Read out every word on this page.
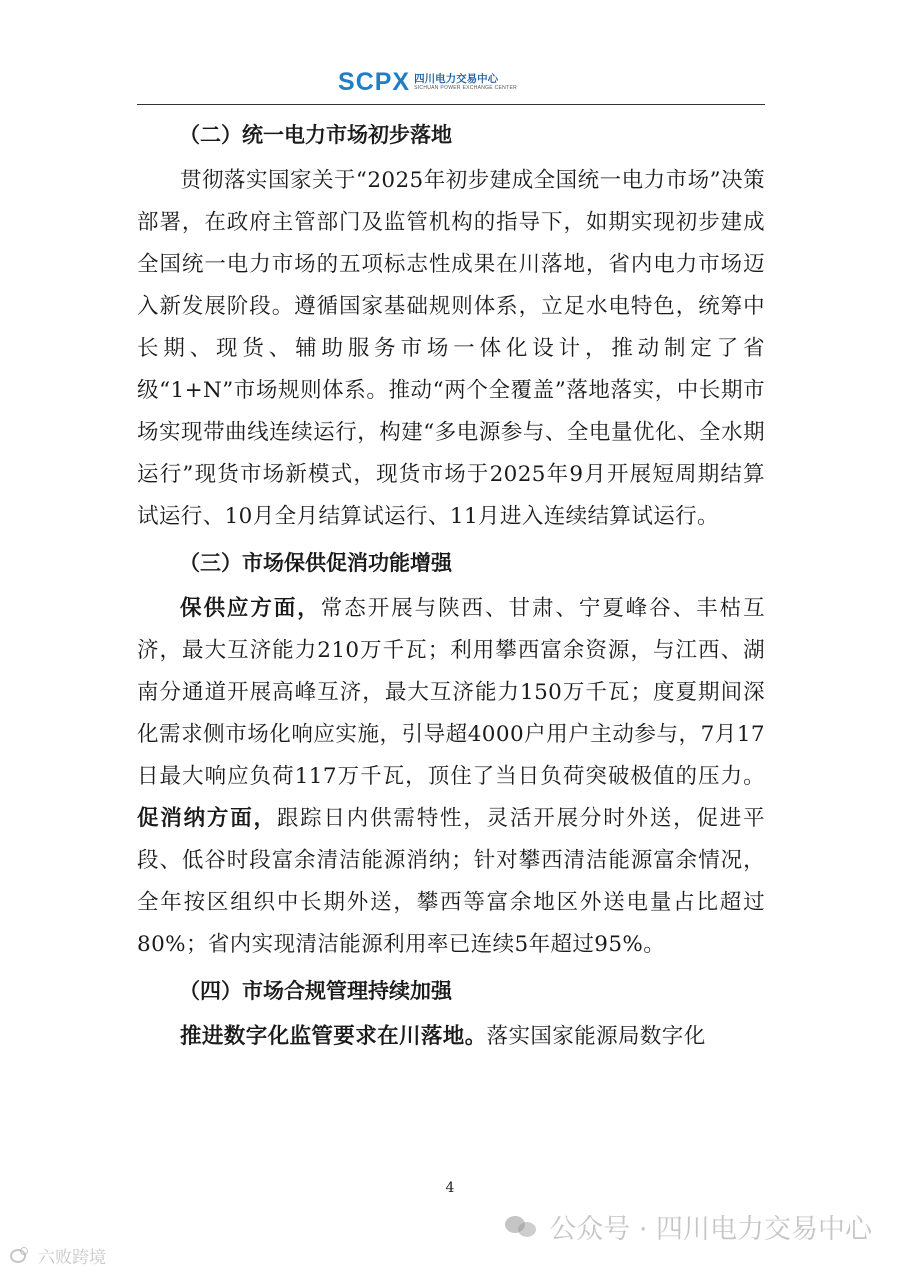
SCPX 四川电力交易中心
SICHUAN POWER EXCHANGE CENTER
（二）统一电力市场初步落地

贯彻落实国家关于“2025年初步建成全国统一电力市场”决策部署，在政府主管部门及监管机构的指导下，如期实现初步建成全国统一电力市场的五项标志性成果在川落地，省内电力市场迈入新发展阶段。遵循国家基础规则体系，立足水电特色，统筹中长期、现货、辅助服务市场一体化设计，推动制定了省级“1+N”市场规则体系。推动“两个全覆盖”落地落实，中长期市场实现带曲线连续运行，构建“多电源参与、全电量优化、全水期运行”现货市场新模式，现货市场于2025年9月开展短周期结算试运行、10月全月结算试运行、11月进入连续结算试运行。

（三）市场保供促消功能增强

保供应方面，常态开展与陕西、甘肃、宁夏峰谷、丰枯互济，最大互济能力210万千瓦；利用攀西富余资源，与江西、湖南分通道开展高峰互济，最大互济能力150万千瓦；度夏期间深化需求侧市场化响应实施，引导超4000户用户主动参与，7月17日最大响应负荷117万千瓦，顶住了当日负荷突破极值的压力。促消纳方面，跟踪日内供需特性，灵活开展分时外送，促进平段、低谷时段富余清洁能源消纳；针对攀西清洁能源富余情况，全年按区组织中长期外送，攀西等富余地区外送电量占比超过80%；省内实现清洁能源利用率已连续5年超过95%。

（四）市场合规管理持续加强

推进数字化监管要求在川落地。落实国家能源局数字化

4
公众号 · 四川电力交易中心
六败跨境
